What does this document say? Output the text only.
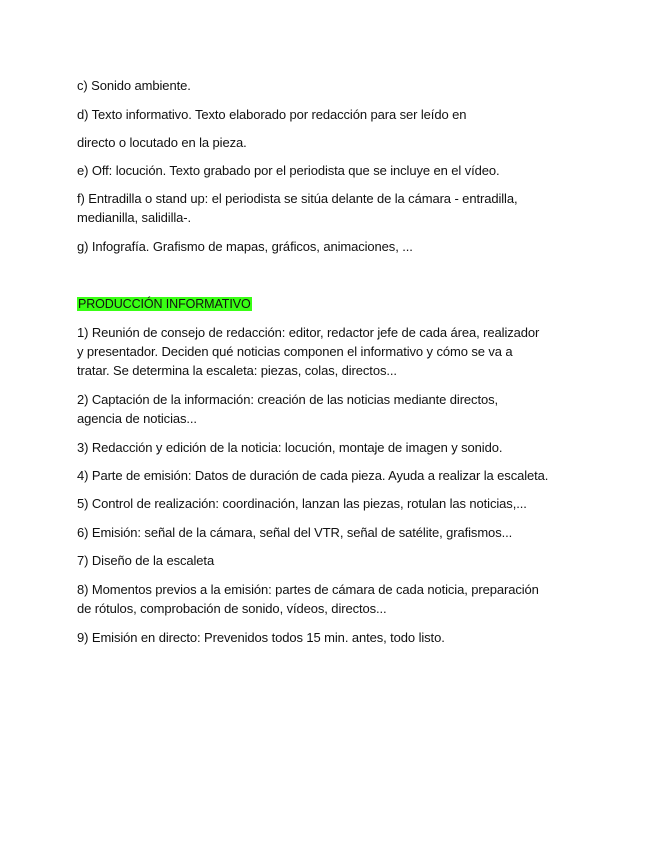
c) Sonido ambiente.
d) Texto informativo. Texto elaborado por redacción para ser leído en
directo o locutado en la pieza.
e) Off: locución. Texto grabado por el periodista que se incluye en el vídeo.
f) Entradilla o stand up: el periodista se sitúa delante de la cámara - entradilla,
medianilla, salidilla-.
g) Infografía. Grafismo de mapas, gráficos, animaciones, ...
PRODUCCIÓN INFORMATIVO
1) Reunión de consejo de redacción: editor, redactor jefe de cada área, realizador
y presentador. Deciden qué noticias componen el informativo y cómo se va a
tratar. Se determina la escaleta: piezas, colas, directos...
2) Captación de la información: creación de las noticias mediante directos,
agencia de noticias...
3) Redacción y edición de la noticia: locución, montaje de imagen y sonido.
4) Parte de emisión: Datos de duración de cada pieza. Ayuda a realizar la escaleta.
5) Control de realización: coordinación, lanzan las piezas, rotulan las noticias,...
6) Emisión: señal de la cámara, señal del VTR, señal de satélite, grafismos...
7) Diseño de la escaleta
8) Momentos previos a la emisión: partes de cámara de cada noticia, preparación
de rótulos, comprobación de sonido, vídeos, directos...
9) Emisión en directo: Prevenidos todos 15 min. antes, todo listo.
